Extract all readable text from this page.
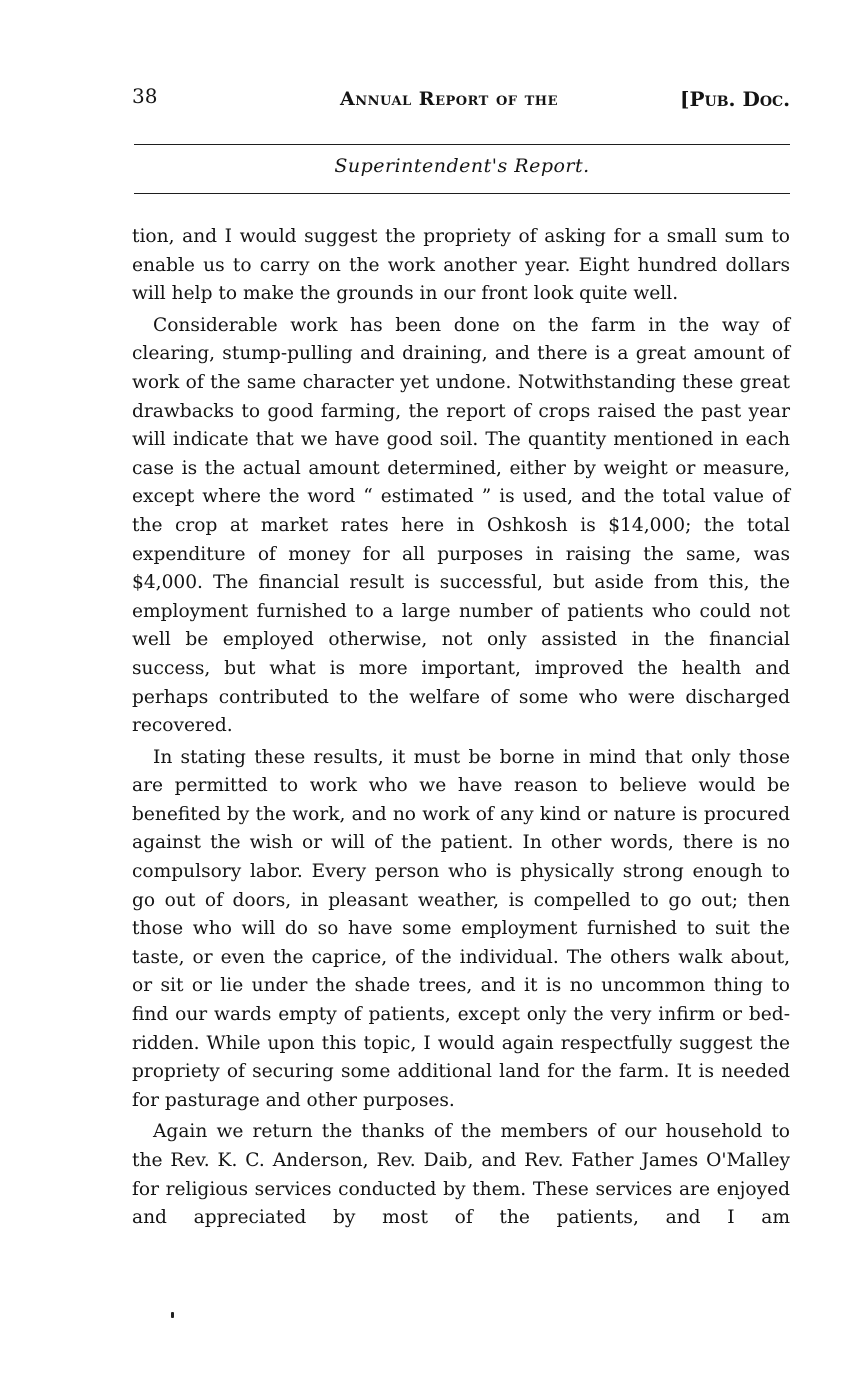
38	Annual Report of the	[Pub. Doc.
Superintendent's Report.

tion, and I would suggest the propriety of asking for a small sum to enable us to carry on the work another year. Eight hundred dollars will help to make the grounds in our front look quite well.

Considerable work has been done on the farm in the way of clearing, stump-pulling and draining, and there is a great amount of work of the same character yet undone. Notwithstanding these great drawbacks to good farming, the report of crops raised the past year will indicate that we have good soil. The quantity mentioned in each case is the actual amount determined, either by weight or measure, except where the word “ estimated ” is used, and the total value of the crop at market rates here in Oshkosh is $14,000; the total expenditure of money for all purposes in raising the same, was $4,000. The financial result is successful, but aside from this, the employment furnished to a large number of patients who could not well be employed otherwise, not only assisted in the financial success, but what is more important, improved the health and perhaps contributed to the welfare of some who were discharged recovered.

In stating these results, it must be borne in mind that only those are permitted to work who we have reason to believe would be benefited by the work, and no work of any kind or nature is procured against the wish or will of the patient. In other words, there is no compulsory labor. Every person who is physically strong enough to go out of doors, in pleasant weather, is compelled to go out; then those who will do so have some employment furnished to suit the taste, or even the caprice, of the individual. The others walk about, or sit or lie under the shade trees, and it is no uncommon thing to find our wards empty of patients, except only the very infirm or bed-ridden. While upon this topic, I would again respectfully suggest the propriety of securing some additional land for the farm. It is needed for pasturage and other purposes.

Again we return the thanks of the members of our household to the Rev. K. C. Anderson, Rev. Daib, and Rev. Father James O'Malley for religious services conducted by them. These services are enjoyed and appreciated by most of the patients, and I am
